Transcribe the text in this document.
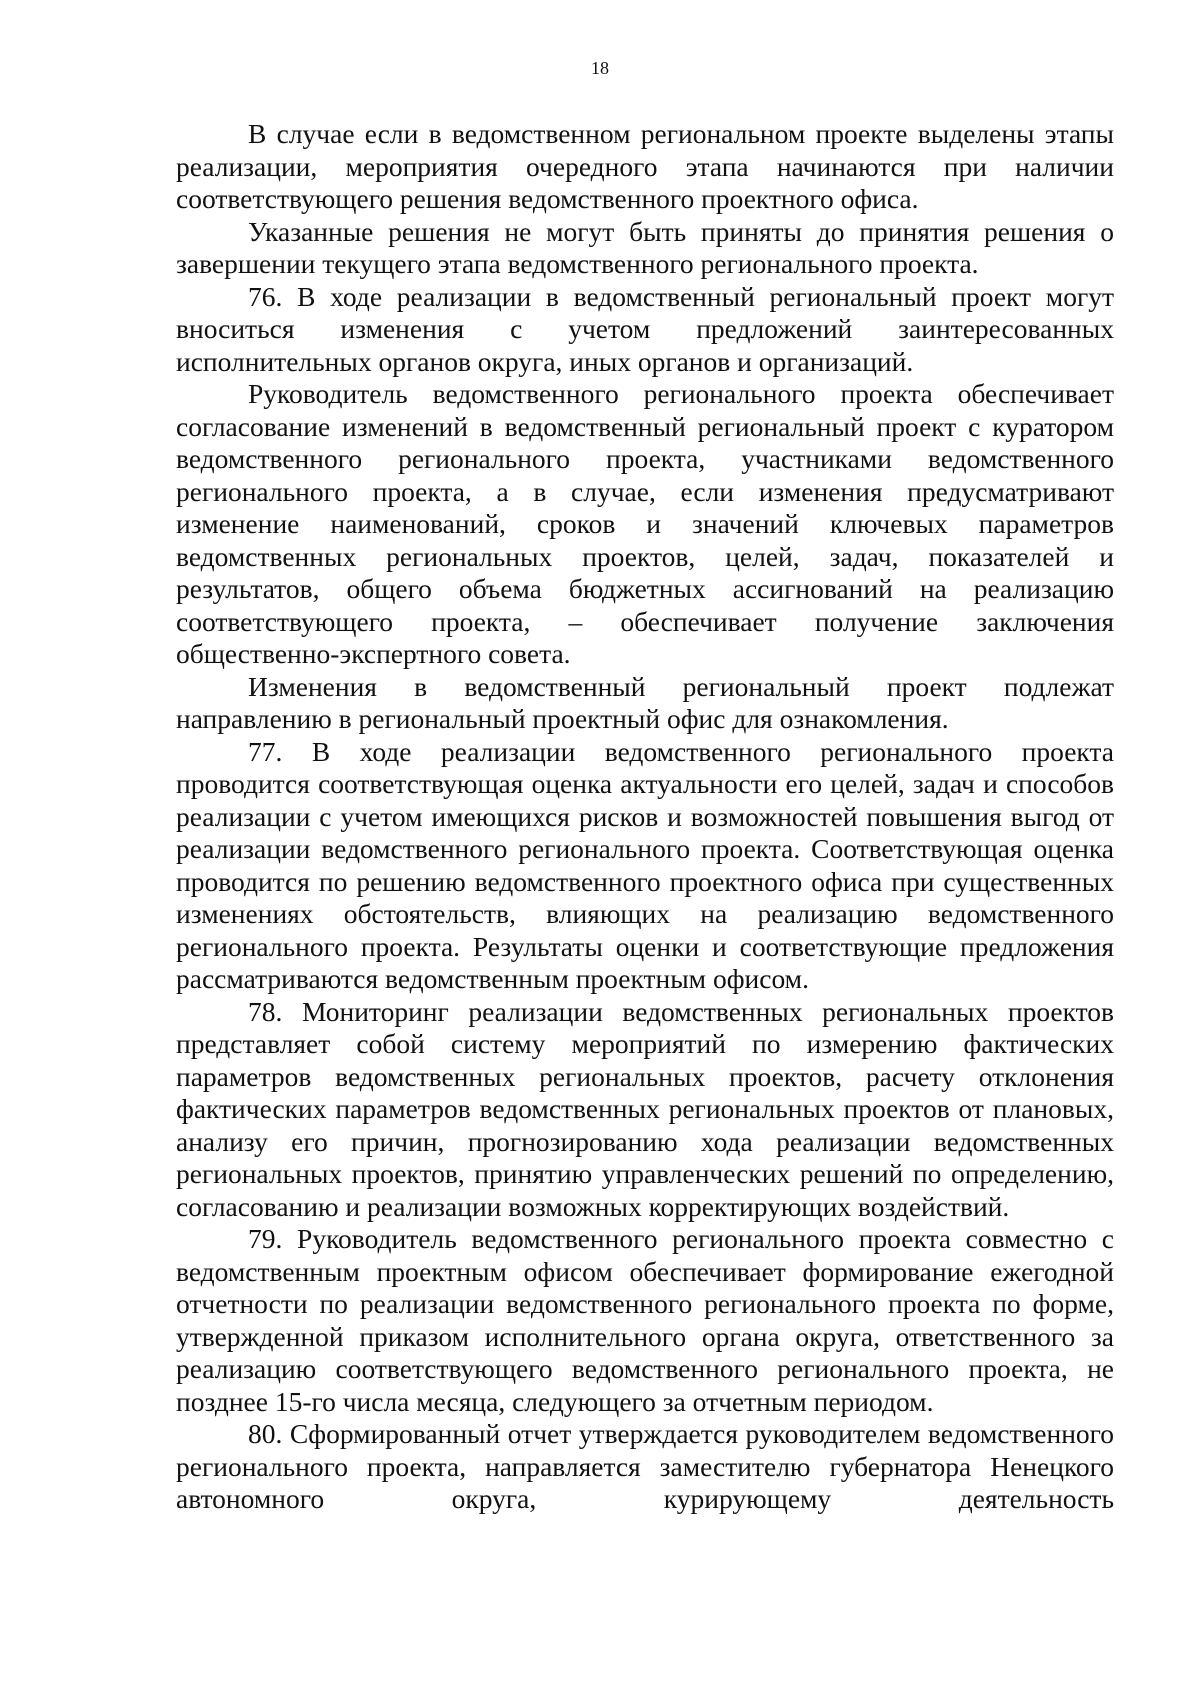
18

В случае если в ведомственном региональном проекте выделены этапы реализации, мероприятия очередного этапа начинаются при наличии соответствующего решения ведомственного проектного офиса.

Указанные решения не могут быть приняты до принятия решения о завершении текущего этапа ведомственного регионального проекта.

76. В ходе реализации в ведомственный региональный проект могут вноситься изменения с учетом предложений заинтересованных исполнительных органов округа, иных органов и организаций.

Руководитель ведомственного регионального проекта обеспечивает согласование изменений в ведомственный региональный проект с куратором ведомственного регионального проекта, участниками ведомственного регионального проекта, а в случае, если изменения предусматривают изменение наименований, сроков и значений ключевых параметров ведомственных региональных проектов, целей, задач, показателей и результатов, общего объема бюджетных ассигнований на реализацию соответствующего проекта, – обеспечивает получение заключения общественно-экспертного совета.

Изменения в ведомственный региональный проект подлежат направлению в региональный проектный офис для ознакомления.

77. В ходе реализации ведомственного регионального проекта проводится соответствующая оценка актуальности его целей, задач и способов реализации с учетом имеющихся рисков и возможностей повышения выгод от реализации ведомственного регионального проекта. Соответствующая оценка проводится по решению ведомственного проектного офиса при существенных изменениях обстоятельств, влияющих на реализацию ведомственного регионального проекта. Результаты оценки и соответствующие предложения рассматриваются ведомственным проектным офисом.

78. Мониторинг реализации ведомственных региональных проектов представляет собой систему мероприятий по измерению фактических параметров ведомственных региональных проектов, расчету отклонения фактических параметров ведомственных региональных проектов от плановых, анализу его причин, прогнозированию хода реализации ведомственных региональных проектов, принятию управленческих решений по определению, согласованию и реализации возможных корректирующих воздействий.

79. Руководитель ведомственного регионального проекта совместно с ведомственным проектным офисом обеспечивает формирование ежегодной отчетности по реализации ведомственного регионального проекта по форме, утвержденной приказом исполнительного органа округа, ответственного за реализацию соответствующего ведомственного регионального проекта, не позднее 15-го числа месяца, следующего за отчетным периодом.

80. Сформированный отчет утверждается руководителем ведомственного регионального проекта, направляется заместителю губернатора Ненецкого автономного округа, курирующему деятельность
